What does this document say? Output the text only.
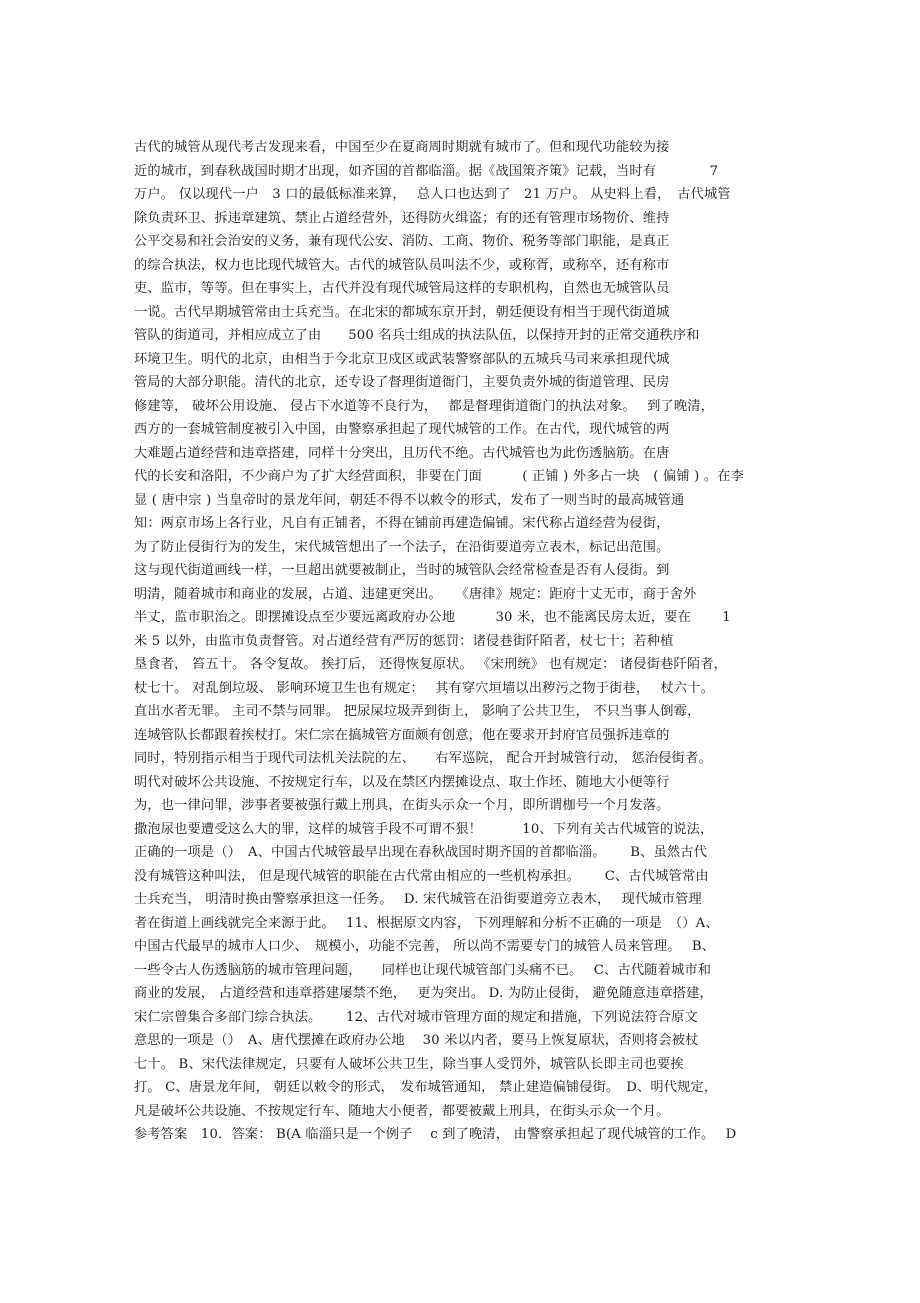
古代的城管从现代考古发现来看，中国至少在夏商周时期就有城市了。但和现代功能较为接
近的城市，到春秋战国时期才出现，如齐国的首都临淄。据《战国策齐策》记载，当时有　　　　7
万户。 仅以现代一户　3 口的最低标准来算，　 总人口也达到了　21 万户。 从史料上看，　古代城管
除负责环卫、拆违章建筑、禁止占道经营外，还得防火缉盗；有的还有管理市场物价、维持
公平交易和社会治安的义务，兼有现代公安、消防、工商、物价、税务等部门职能，是真正
的综合执法，权力也比现代城管大。古代的城管队员叫法不少，或称胥，或称卒，还有称市
吏、监市，等等。但在事实上，古代并没有现代城管局这样的专职机构，自然也无城管队员
一说。古代早期城管常由士兵充当。在北宋的都城东京开封，朝廷便设有相当于现代街道城
管队的街道司，并相应成立了由　　500 名兵士组成的执法队伍，以保持开封的正常交通秩序和
环境卫生。明代的北京，由相当于今北京卫戍区或武装警察部队的五城兵马司来承担现代城
管局的大部分职能。清代的北京，还专设了督理街道衙门，主要负责外城的街道管理、民房
修建等， 破坏公用设施、 侵占下水道等不良行为，　 都是督理街道衙门的执法对象。　 到了晚清，
西方的一套城管制度被引入中国，由警察承担起了现代城管的工作。在古代，现代城管的两
大难题占道经营和违章搭建，同样十分突出，且历代不绝。古代城管也为此伤透脑筋。在唐
代的长安和洛阳，不少商户为了扩大经营面积，非要在门面　　　( 正铺 ) 外多占一块　( 偏铺 ) 。在李
显 ( 唐中宗 ) 当皇帝时的景龙年间，朝廷不得不以敕令的形式，发布了一则当时的最高城管通
知：两京市场上各行业，凡自有正铺者，不得在铺前再建造偏铺。宋代称占道经营为侵街，
为了防止侵街行为的发生，宋代城管想出了一个法子，在沿街要道旁立表木，标记出范围。
这与现代街道画线一样，一旦超出就要被制止，当时的城管队会经常检查是否有人侵街。到
明清，随着城市和商业的发展，占道、违建更突出。　　《唐律》规定：距府十丈无市，商于舍外
半丈，监市职治之。即摆摊设点至少要远离政府办公地　　　30 米，也不能离民房太近，要在　　 1
米 5 以外，由监市负责督管。对占道经营有严厉的惩罚：诸侵巷街阡陌者，杖七十；若种植
垦食者， 笞五十。 各令复故。 挨打后， 还得恢复原状。 《宋刑统》 也有规定： 诸侵街巷阡陌者，
杖七十。 对乱倒垃圾、 影响环境卫生也有规定：　 其有穿穴垣墙以出秽污之物于街巷，　 杖六十。
直出水者无罪。 主司不禁与同罪。 把尿屎垃圾弄到街上， 影响了公共卫生， 不只当事人倒霉，
连城管队长都跟着挨杖打。宋仁宗在搞城管方面颇有创意，他在要求开封府官员强拆违章的
同时，特别指示相当于现代司法机关法院的左、　　右军巡院， 配合开封城管行动， 惩治侵街者。
明代对破坏公共设施、不按规定行车，以及在禁区内摆摊设点、取土作坯、随地大小便等行
为，也一律问罪，涉事者要被强行戴上刑具，在街头示众一个月，即所谓枷号一个月发落。
撒泡尿也要遭受这么大的罪，这样的城管手段不可谓不狠！　　　10、下列有关古代城管的说法，
正确的一项是（）　A、中国古代城管最早出现在春秋战国时期齐国的首都临淄。　　 B、虽然古代
没有城管这种叫法， 但是现代城管的职能在古代常由相应的一些机构承担。　　 C、古代城管常由
士兵充当， 明清时换由警察承担这一任务。　 D. 宋代城管在沿街要道旁立表木，　 现代城市管理
者在街道上画线就完全来源于此。　 11、根据原文内容， 下列理解和分析不正确的一项是　（）A、
中国古代最早的城市人口少、　规模小，功能不完善， 所以尚不需要专门的城管人员来管理。　 B、
一些令古人伤透脑筋的城市管理问题，　　同样也让现代城管部门头痛不已。　 C、古代随着城市和
商业的发展， 占道经营和违章搭建屡禁不绝，　 更为突出。 D. 为防止侵街， 避免随意违章搭建，
宋仁宗曾集合多部门综合执法。　　 12、古代对城市管理方面的规定和措施，下列说法符合原文
意思的一项是（）　A、唐代摆摊在政府办公地　 30 米以内者，要马上恢复原状，否则将会被杖
七十。 B、宋代法律规定，只要有人破坏公共卫生，除当事人受罚外，城管队长即主司也要挨
打。 C、唐景龙年间， 朝廷以敕令的形式，　发布城管通知， 禁止建造偏铺侵街。　D、明代规定，
凡是破坏公共设施、不按规定行车、随地大小便者，都要被戴上刑具，在街头示众一个月。
参考答案　10．答案： B(A 临淄只是一个例子　 c 到了晚清， 由警察承担起了现代城管的工作。　 D
